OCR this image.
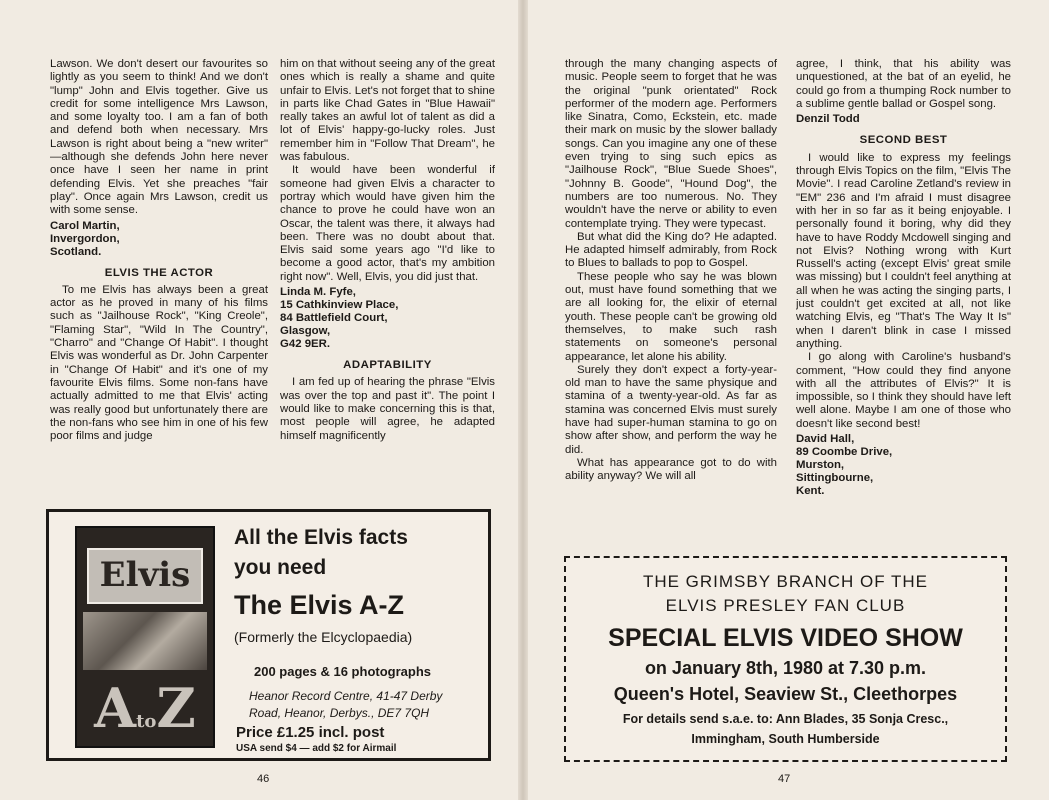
Lawson. We don't desert our favourites so lightly as you seem to think! And we don't "lump" John and Elvis together. Give us credit for some intelligence Mrs Lawson, and some loyalty too. I am a fan of both and defend both when necessary. Mrs Lawson is right about being a "new writer" —although she defends John here never once have I seen her name in print defending Elvis. Yet she preaches "fair play". Once again Mrs Lawson, credit us with some sense.

Carol Martin,
Invergordon,
Scotland.
ELVIS THE ACTOR

To me Elvis has always been a great actor as he proved in many of his films such as "Jailhouse Rock", "King Creole", "Flaming Star", "Wild In The Country", "Charro" and "Change Of Habit". I thought Elvis was wonderful as Dr. John Carpenter in "Change Of Habit" and it's one of my favourite Elvis films. Some non-fans have actually admitted to me that Elvis' acting was really good but unfortunately there are the non-fans who see him in one of his few poor films and judge

him on that without seeing any of the great ones which is really a shame and quite unfair to Elvis. Let's not forget that to shine in parts like Chad Gates in "Blue Hawaii" really takes an awful lot of talent as did a lot of Elvis' happy-go-lucky roles. Just remember him in "Follow That Dream", he was fabulous.

It would have been wonderful if someone had given Elvis a character to portray which would have given him the chance to prove he could have won an Oscar, the talent was there, it always had been. There was no doubt about that. Elvis said some years ago "I'd like to become a good actor, that's my ambition right now". Well, Elvis, you did just that.

Linda M. Fyfe,
15 Cathkinview Place,
84 Battlefield Court,
Glasgow,
G42 9ER.
ADAPTABILITY

I am fed up of hearing the phrase "Elvis was over the top and past it". The point I would like to make concerning this is that, most people will agree, he adapted himself magnificently

Elvis
AtoZ
All the Elvis facts
you need
The Elvis A-Z
(Formerly the Elcyclopaedia)
200 pages & 16 photographs
Heanor Record Centre, 41-47 Derby
Road, Heanor, Derbys., DE7 7QH
Price £1.25 incl. post
USA send $4 — add $2 for Airmail
46

through the many changing aspects of music. People seem to forget that he was the original "punk orientated" Rock performer of the modern age. Performers like Sinatra, Como, Eckstein, etc. made their mark on music by the slower ballady songs. Can you imagine any one of these even trying to sing such epics as "Jailhouse Rock", "Blue Suede Shoes", "Johnny B. Goode", "Hound Dog", the numbers are too numerous. No. They wouldn't have the nerve or ability to even contemplate trying. They were typecast.

But what did the King do? He adapted. He adapted himself admirably, from Rock to Blues to ballads to pop to Gospel.

These people who say he was blown out, must have found something that we are all looking for, the elixir of eternal youth. These people can't be growing old themselves, to make such rash statements on someone's personal appearance, let alone his ability.

Surely they don't expect a forty-year-old man to have the same physique and stamina of a twenty-year-old. As far as stamina was concerned Elvis must surely have had super-human stamina to go on show after show, and perform the way he did.

What has appearance got to do with ability anyway? We will all

agree, I think, that his ability was unquestioned, at the bat of an eyelid, he could go from a thumping Rock number to a sublime gentle ballad or Gospel song.

Denzil Todd
SECOND BEST

I would like to express my feelings through Elvis Topics on the film, "Elvis The Movie". I read Caroline Zetland's review in "EM" 236 and I'm afraid I must disagree with her in so far as it being enjoyable. I personally found it boring, why did they have to have Roddy Mcdowell singing and not Elvis? Nothing wrong with Kurt Russell's acting (except Elvis' great smile was missing) but I couldn't feel anything at all when he was acting the singing parts, I just couldn't get excited at all, not like watching Elvis, eg "That's The Way It Is" when I daren't blink in case I missed anything.

I go along with Caroline's husband's comment, "How could they find anyone with all the attributes of Elvis?" It is impossible, so I think they should have left well alone. Maybe I am one of those who doesn't like second best!

David Hall,
89 Coombe Drive,
Murston,
Sittingbourne,
Kent.
THE GRIMSBY BRANCH OF THE
ELVIS PRESLEY FAN CLUB
SPECIAL ELVIS VIDEO SHOW
on January 8th, 1980 at 7.30 p.m.
Queen's Hotel, Seaview St., Cleethorpes
For details send s.a.e. to: Ann Blades, 35 Sonja Cresc.,
Immingham, South Humberside
47
